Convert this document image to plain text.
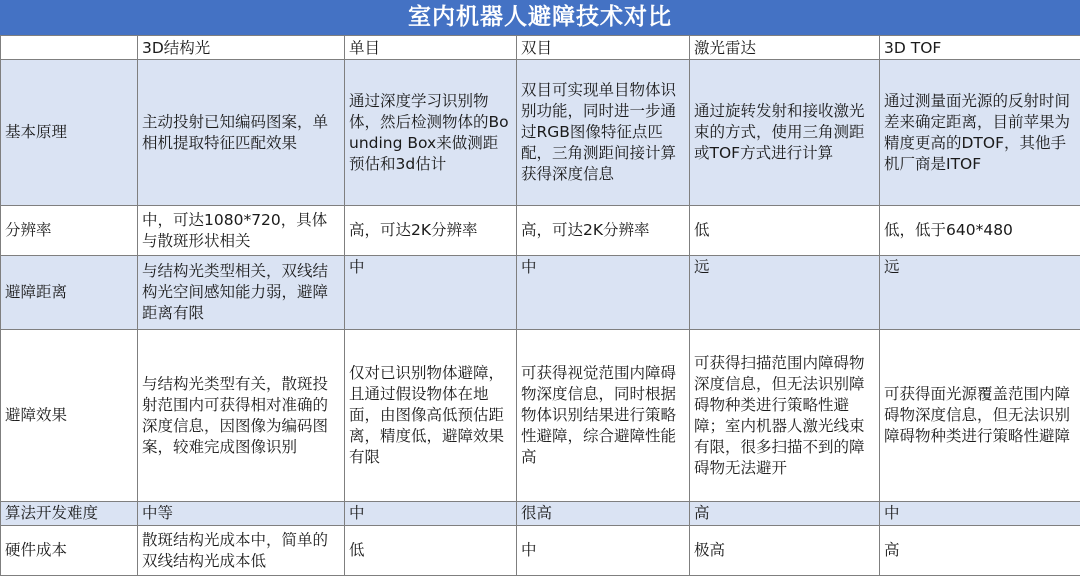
室内机器人避障技术对比
	3D结构光	单目	双目	激光雷达	3D TOF
基本原理	主动投射已知编码图案，单相机提取特征匹配效果	通过深度学习识别物体，然后检测物体的Bounding Box来做测距预估和3d估计	双目可实现单目物体识别功能，同时进一步通过RGB图像特征点匹配，三角测距间接计算获得深度信息	通过旋转发射和接收激光束的方式，使用三角测距或TOF方式进行计算	通过测量面光源的反射时间差来确定距离，目前苹果为精度更高的DTOF，其他手机厂商是ITOF
分辨率	中，可达1080*720，具体与散斑形状相关	高，可达2K分辨率	高，可达2K分辨率	低	低，低于640*480
避障距离	与结构光类型相关，双线结构光空间感知能力弱，避障距离有限	中	中	远	远
避障效果	与结构光类型有关，散斑投射范围内可获得相对准确的深度信息，因图像为编码图案，较难完成图像识别	仅对已识别物体避障，且通过假设物体在地面，由图像高低预估距离，精度低，避障效果有限	可获得视觉范围内障碍物深度信息，同时根据物体识别结果进行策略性避障，综合避障性能高	可获得扫描范围内障碍物深度信息，但无法识别障碍物种类进行策略性避障；室内机器人激光线束有限，很多扫描不到的障碍物无法避开	可获得面光源覆盖范围内障碍物深度信息，但无法识别障碍物种类进行策略性避障
算法开发难度	中等	中	很高	高	中
硬件成本	散斑结构光成本中，简单的双线结构光成本低	低	中	极高	高
